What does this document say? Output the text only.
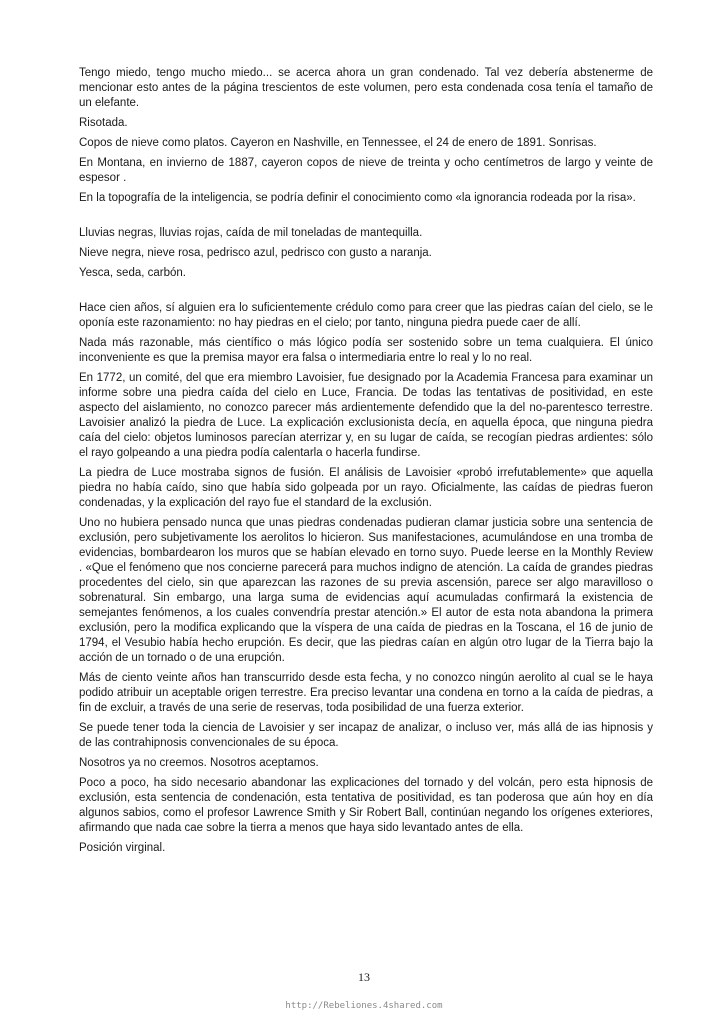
Tengo miedo, tengo mucho miedo... se acerca ahora un gran condenado. Tal vez debería abstenerme de mencionar esto antes de la página trescientos de este volumen, pero esta condenada cosa tenía el tamaño de un elefante.

Risotada.

Copos de nieve como platos. Cayeron en Nashville, en Tennessee, el 24 de enero de 1891. Sonrisas.

En Montana, en invierno de 1887, cayeron copos de nieve de treinta y ocho centímetros de largo y veinte de espesor .

En la topografía de la inteligencia, se podría definir el conocimiento como «la ignorancia rodeada por la risa».

Lluvias negras, lluvias rojas, caída de mil toneladas de mantequilla.

Nieve negra, nieve rosa, pedrisco azul, pedrisco con gusto a naranja.

Yesca, seda, carbón.

Hace cien años, sí alguien era lo suficientemente crédulo como para creer que las piedras caían del cielo, se le oponía este razonamiento: no hay piedras en el cielo; por tanto, ninguna piedra puede caer de allí.

Nada más razonable, más científico o más lógico podía ser sostenido sobre un tema cualquiera. El único inconveniente es que la premisa mayor era falsa o intermediaria entre lo real y lo no real.

En 1772, un comité, del que era miembro Lavoisier, fue designado por la Academia Francesa para examinar un informe sobre una piedra caída del cielo en Luce, Francia. De todas las tentativas de positividad, en este aspecto del aislamiento, no conozco parecer más ardientemente defendido que la del no-parentesco terrestre. Lavoisier analizó la piedra de Luce. La explicación exclusionista decía, en aquella época, que ninguna piedra caía del cielo: objetos luminosos parecían aterrizar y, en su lugar de caída, se recogían piedras ardientes: sólo el rayo golpeando a una piedra podía calentarla o hacerla fundirse.

La piedra de Luce mostraba signos de fusión. El análisis de Lavoisier «probó irrefutablemente» que aquella piedra no había caído, sino que había sido golpeada por un rayo. Oficialmente, las caídas de piedras fueron condenadas, y la explicación del rayo fue el standard de la exclusión.

Uno no hubiera pensado nunca que unas piedras condenadas pudieran clamar justicia sobre una sentencia de exclusión, pero subjetivamente los aerolitos lo hicieron. Sus manifestaciones, acumulándose en una tromba de evidencias, bombardearon los muros que se habían elevado en torno suyo. Puede leerse en la Monthly Review . «Que el fenómeno que nos concierne parecerá para muchos indigno de atención. La caída de grandes piedras procedentes del cielo, sin que aparezcan las razones de su previa ascensión, parece ser algo maravilloso o sobrenatural. Sin embargo, una larga suma de evidencias aquí acumuladas confirmará la existencia de semejantes fenómenos, a los cuales convendría prestar atención.» El autor de esta nota abandona la primera exclusión, pero la modifica explicando que la víspera de una caída de piedras en la Toscana, el 16 de junio de 1794, el Vesubio había hecho erupción. Es decir, que las piedras caían en algún otro lugar de la Tierra bajo la acción de un tornado o de una erupción.

Más de ciento veinte años han transcurrido desde esta fecha, y no conozco ningún aerolito al cual se le haya podido atribuir un aceptable origen terrestre. Era preciso levantar una condena en torno a la caída de piedras, a fin de excluir, a través de una serie de reservas, toda posibilidad de una fuerza exterior.

Se puede tener toda la ciencia de Lavoisier y ser incapaz de analizar, o incluso ver, más allá de ias hipnosis y de las contrahipnosis convencionales de su época.

Nosotros ya no creemos. Nosotros aceptamos.

Poco a poco, ha sido necesario abandonar las explicaciones del tornado y del volcán, pero esta hipnosis de exclusión, esta sentencia de condenación, esta tentativa de positividad, es tan poderosa que aún hoy en día algunos sabios, como el profesor Lawrence Smith y Sir Robert Ball, continúan negando los orígenes exteriores, afirmando que nada cae sobre la tierra a menos que haya sido levantado antes de ella.

Posición virginal.

13
http://Rebeliones.4shared.com
